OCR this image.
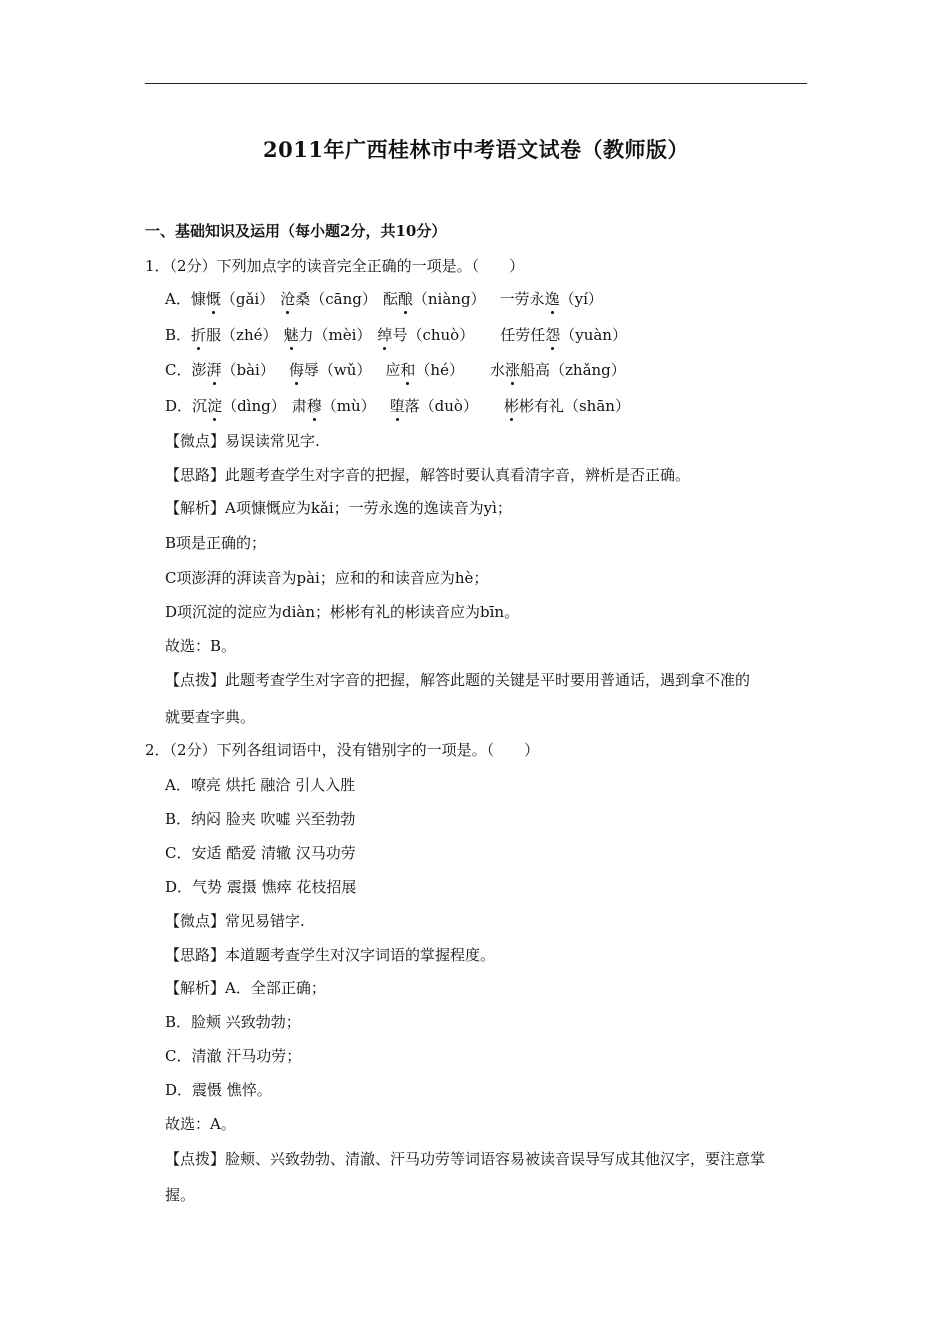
2011年广西桂林市中考语文试卷（教师版）
一、基础知识及运用（每小题2分，共10分）
1．（2分）下列加点字的读音完全正确的一项是。（　　）
A．慷慨（gǎi） 沧桑（cāng） 酝酿（niàng） 一劳永逸（yí）
B．折服（zhé） 魅力（mèi） 绰号（chuò） 任劳任怨（yuàn）
C．澎湃（bài） 侮辱（wǔ） 应和（hé） 水涨船高（zhǎng）
D．沉淀（dìng） 肃穆（mù） 堕落（duò） 彬彬有礼（shān）
【微点】易误读常见字.
【思路】此题考查学生对字音的把握，解答时要认真看清字音，辨析是否正确。
【解析】A项慷慨应为kǎi；一劳永逸的逸读音为yì；
B项是正确的；
C项澎湃的湃读音为pài；应和的和读音应为hè；
D项沉淀的淀应为diàn；彬彬有礼的彬读音应为bīn。
故选：B。
【点拨】此题考查学生对字音的把握，解答此题的关键是平时要用普通话，遇到拿不准的
就要查字典。
2．（2分）下列各组词语中，没有错别字的一项是。（　　）
A．嘹亮 烘托 融洽 引人入胜
B．纳闷 脸夹 吹嘘 兴至勃勃
C．安适 酷爱 清辙 汉马功劳
D．气势 震摄 憔瘁 花枝招展
【微点】常见易错字.
【思路】本道题考查学生对汉字词语的掌握程度。
【解析】A．全部正确；
B．脸颊 兴致勃勃；
C．清澈 汗马功劳；
D．震慑 憔悴。
故选：A。
【点拨】脸颊、兴致勃勃、清澈、汗马功劳等词语容易被读音误导写成其他汉字，要注意掌
握。
